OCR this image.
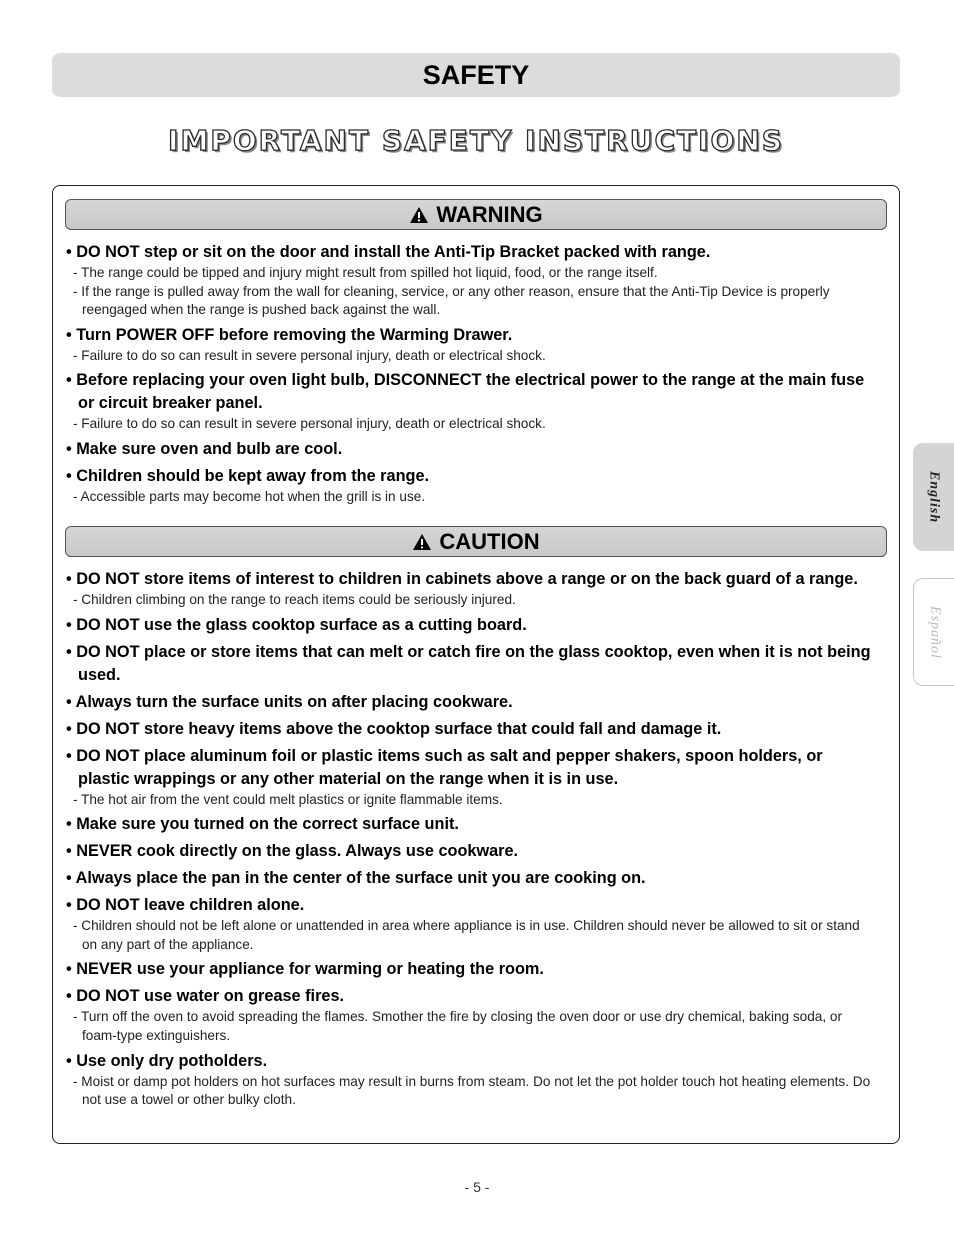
SAFETY
IMPORTANT SAFETY INSTRUCTIONS
WARNING
• DO NOT step or sit on the door and install the Anti-Tip Bracket packed with range.
- The range could be tipped and injury might result from spilled hot liquid, food, or the range itself.
- If the range is pulled away from the wall for cleaning, service, or any other reason, ensure that the Anti-Tip Device is properly reengaged when the range is pushed back against the wall.
• Turn POWER OFF before removing the Warming Drawer.
- Failure to do so can result in severe personal injury, death or electrical shock.
• Before replacing your oven light bulb, DISCONNECT the electrical power to the range at the main fuse or circuit breaker panel.
- Failure to do so can result in severe personal injury, death or electrical shock.
• Make sure oven and bulb are cool.
• Children should be kept away from the range.
- Accessible parts may become hot when the grill is in use.
CAUTION
• DO NOT store items of interest to children in cabinets above a range or on the back guard of a range.
- Children climbing on the range to reach items could be seriously injured.
• DO NOT use the glass cooktop surface as a cutting board.
• DO NOT place or store items that can melt or catch fire on the glass cooktop, even when it is not being used.
• Always turn the surface units on after placing cookware.
• DO NOT store heavy items above the cooktop surface that could fall and damage it.
• DO NOT place aluminum foil or plastic items such as salt and pepper shakers, spoon holders, or plastic wrappings or any other material on the range when it is in use.
- The hot air from the vent could melt plastics or ignite flammable items.
• Make sure you turned on the correct surface unit.
• NEVER cook directly on the glass. Always use cookware.
• Always place the pan in the center of the surface unit you are cooking on.
• DO NOT leave children alone.
- Children should not be left alone or unattended in area where appliance is in use. Children should never be allowed to sit or stand on any part of the appliance.
• NEVER use your appliance for warming or heating the room.
• DO NOT use water on grease fires.
- Turn off the oven to avoid spreading the flames. Smother the fire by closing the oven door or use dry chemical, baking soda, or foam-type extinguishers.
• Use only dry potholders.
- Moist or damp pot holders on hot surfaces may result in burns from steam. Do not let the pot holder touch hot heating elements. Do not use a towel or other bulky cloth.
English
Español
- 5 -
